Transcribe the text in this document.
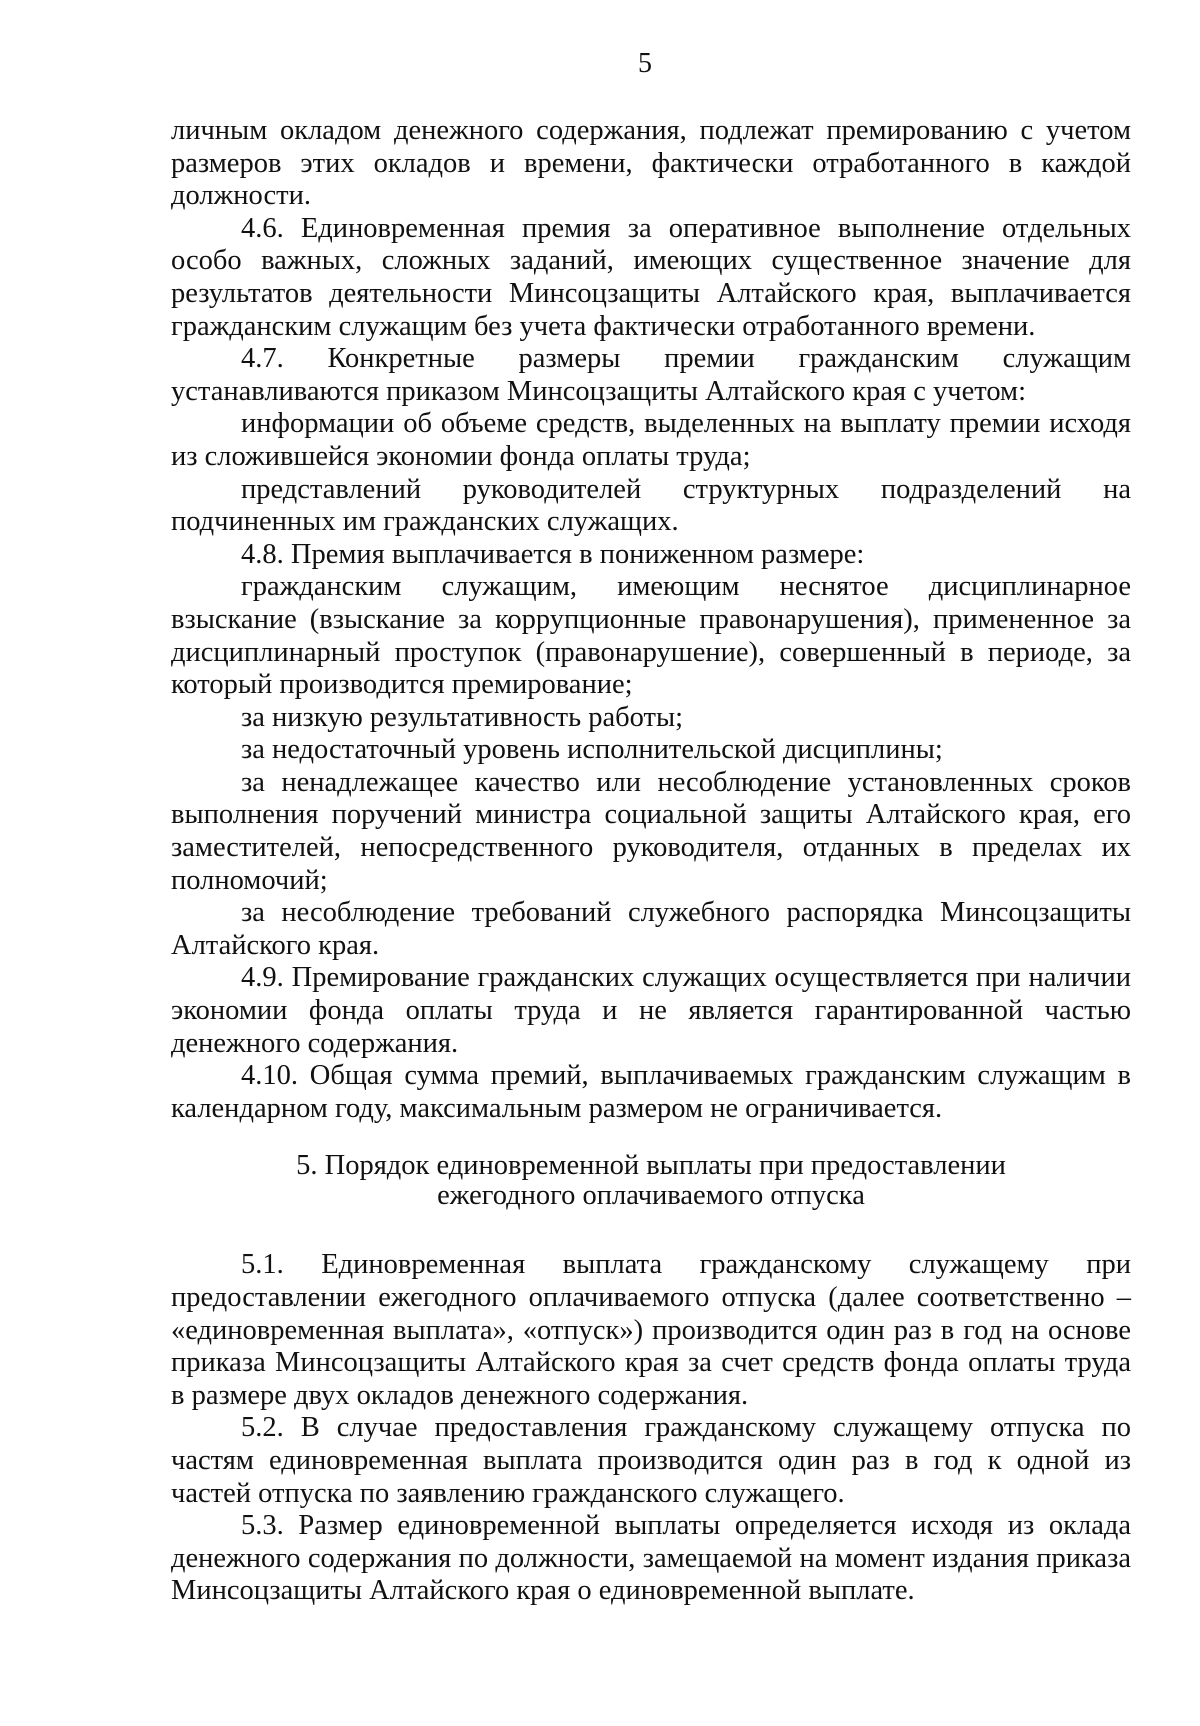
5

личным окладом денежного содержания, подлежат премированию с учетом размеров этих окладов и времени, фактически отработанного в каждой должности.

4.6. Единовременная премия за оперативное выполнение отдельных особо важных, сложных заданий, имеющих существенное значение для результатов деятельности Минсоцзащиты Алтайского края, выплачивается гражданским служащим без учета фактически отработанного времени.

4.7. Конкретные размеры премии гражданским служащим устанавливаются приказом Минсоцзащиты Алтайского края с учетом:

информации об объеме средств, выделенных на выплату премии исходя из сложившейся экономии фонда оплаты труда;

представлений руководителей структурных подразделений на подчиненных им гражданских служащих.

4.8. Премия выплачивается в пониженном размере:

гражданским служащим, имеющим неснятое дисциплинарное взыскание (взыскание за коррупционные правонарушения), примененное за дисциплинарный проступок (правонарушение), совершенный в периоде, за который производится премирование;

за низкую результативность работы;

за недостаточный уровень исполнительской дисциплины;

за ненадлежащее качество или несоблюдение установленных сроков выполнения поручений министра социальной защиты Алтайского края, его заместителей, непосредственного руководителя, отданных в пределах их полномочий;

за несоблюдение требований служебного распорядка Минсоцзащиты Алтайского края.

4.9. Премирование гражданских служащих осуществляется при наличии экономии фонда оплаты труда и не является гарантированной частью денежного содержания.

4.10. Общая сумма премий, выплачиваемых гражданским служащим в календарном году, максимальным размером не ограничивается.

5. Порядок единовременной выплаты при предоставлении
ежегодного оплачиваемого отпуска

5.1. Единовременная выплата гражданскому служащему при предоставлении ежегодного оплачиваемого отпуска (далее соответственно – «единовременная выплата», «отпуск») производится один раз в год на основе приказа Минсоцзащиты Алтайского края за счет средств фонда оплаты труда в размере двух окладов денежного содержания.

5.2. В случае предоставления гражданскому служащему отпуска по частям единовременная выплата производится один раз в год к одной из частей отпуска по заявлению гражданского служащего.

5.3. Размер единовременной выплаты определяется исходя из оклада денежного содержания по должности, замещаемой на момент издания приказа Минсоцзащиты Алтайского края о единовременной выплате.
